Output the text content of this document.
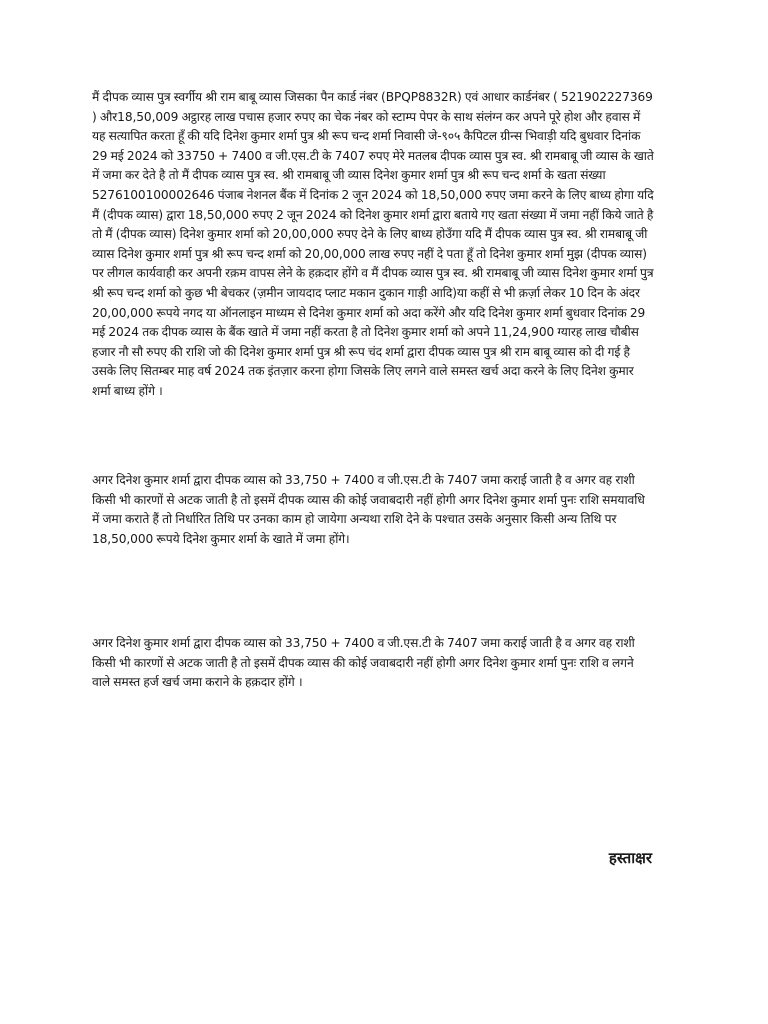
मैं दीपक व्यास पुत्र स्वर्गीय श्री राम बाबू व्यास जिसका पैन कार्ड नंबर (BPQP8832R) एवं आधार कार्डनंबर ( 521902227369 ) और18,50,009 अट्ठारह लाख पचास हजार रुपए का चेक नंबर को स्टाम्प पेपर के साथ संलंग्न कर अपने पूरे होश और हवास में यह सत्यापित करता हूँ की यदि दिनेश कुमार शर्मा पुत्र श्री रूप चन्द शर्मा निवासी जे-९०५ कैपिटल ग्रीन्स भिवाड़ी यदि बुधवार दिनांक 29 मई 2024 को 33750 + 7400 व जी.एस.टी के 7407 रुपए मेरे मतलब दीपक व्यास पुत्र स्व. श्री रामबाबू जी व्यास के खाते में जमा कर देते है तो मैं दीपक व्यास पुत्र स्व. श्री रामबाबू जी व्यास दिनेश कुमार शर्मा पुत्र श्री रूप चन्द शर्मा के खता संख्या 5276100100002646 पंजाब नेशनल बैंक में दिनांक 2 जून 2024 को 18,50,000 रुपए जमा करने के लिए बाध्य होगा यदि मैं (दीपक व्यास) द्वारा 18,50,000 रुपए 2 जून 2024 को दिनेश कुमार शर्मा द्वारा बताये गए खता संख्या में जमा नहीं किये जाते है तो मैं (दीपक व्यास) दिनेश कुमार शर्मा को 20,00,000 रुपए देने के लिए बाध्य होउँगा यदि मैं दीपक व्यास पुत्र स्व. श्री रामबाबू जी व्यास दिनेश कुमार शर्मा पुत्र श्री रूप चन्द शर्मा को 20,00,000 लाख रुपए नहीं दे पता हूँ तो दिनेश कुमार शर्मा मुझ (दीपक व्यास) पर लीगल कार्यवाही कर अपनी रक़म वापस लेने के हक़दार होंगे व मैं दीपक व्यास पुत्र स्व. श्री रामबाबू जी व्यास दिनेश कुमार शर्मा पुत्र श्री रूप चन्द शर्मा को कुछ भी बेचकर (ज़मीन जायदाद प्लाट मकान दुकान गाड़ी आदि)या कहीं से भी क़र्ज़ा लेकर 10 दिन के अंदर 20,00,000 रूपये नगद या ऑनलाइन माध्यम से दिनेश कुमार शर्मा को अदा करेंगे और यदि दिनेश कुमार शर्मा बुधवार दिनांक 29 मई 2024 तक दीपक व्यास के बैंक खाते में जमा नहीं करता है तो दिनेश कुमार शर्मा को अपने 11,24,900 ग्यारह लाख चौबीस हजार नौ सौ रुपए की राशि जो की दिनेश कुमार शर्मा पुत्र श्री रूप चंद शर्मा द्वारा दीपक व्यास पुत्र श्री राम बाबू व्यास को दी गई है उसके लिए सितम्बर माह वर्ष 2024 तक इंतज़ार करना होगा जिसके लिए लगने वाले समस्त खर्च अदा करने के लिए दिनेश कुमार शर्मा बाध्य होंगे ।

अगर दिनेश कुमार शर्मा द्वारा दीपक व्यास को 33,750 + 7400 व जी.एस.टी के 7407 जमा कराई जाती है व अगर वह राशी किसी भी कारणों से अटक जाती है तो इसमें दीपक व्यास की कोई जवाबदारी नहीं होगी अगर दिनेश कुमार शर्मा पुनः राशि समयावधि में जमा कराते हैं तो निर्धारित तिथि पर उनका काम हो जायेगा अन्यथा राशि देने के पश्चात उसके अनुसार किसी अन्य तिथि पर 18,50,000 रूपये दिनेश कुमार शर्मा के खाते में जमा होंगे।

अगर दिनेश कुमार शर्मा द्वारा दीपक व्यास को 33,750 + 7400 व जी.एस.टी के 7407 जमा कराई जाती है व अगर वह राशी किसी भी कारणों से अटक जाती है तो इसमें दीपक व्यास की कोई जवाबदारी नहीं होगी अगर दिनेश कुमार शर्मा पुनः राशि व लगने वाले समस्त हर्ज खर्च जमा कराने के हक़दार होंगे ।

हस्ताक्षर
